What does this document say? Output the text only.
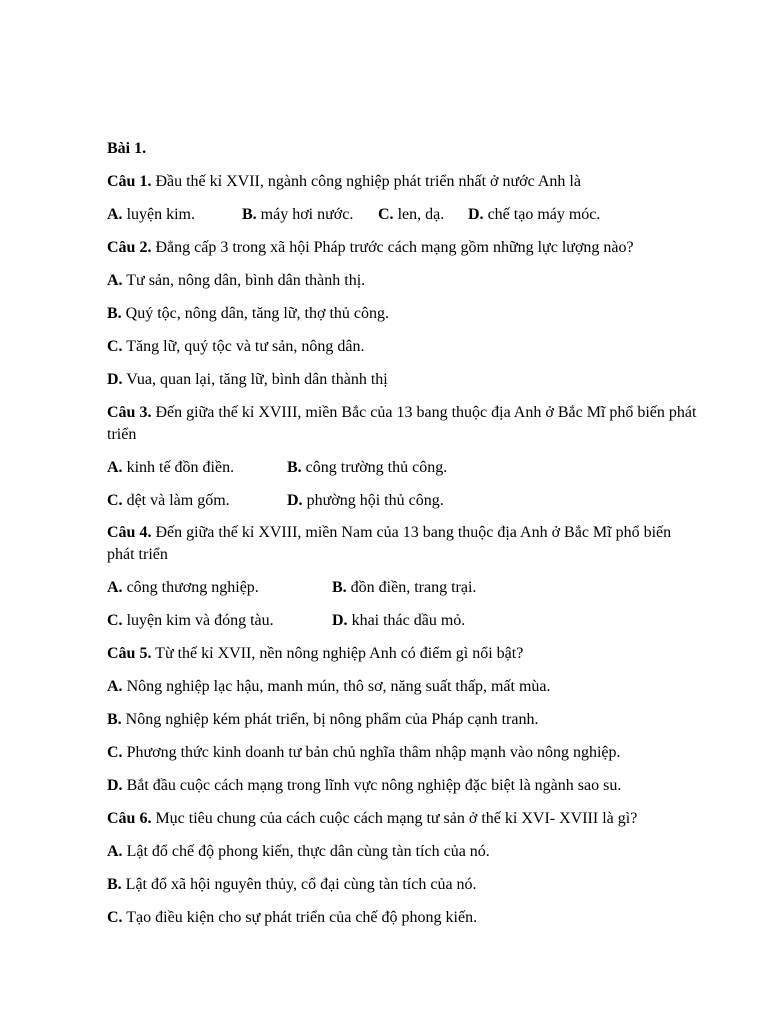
Bài 1.
Câu 1. Đầu thế kỉ XVII, ngành công nghiệp phát triển nhất ở nước Anh là
A. luyện kim.	B. máy hơi nước. C. len, dạ. D. chế tạo máy móc.
Câu 2. Đẳng cấp 3 trong xã hội Pháp trước cách mạng gồm những lực lượng nào?
A. Tư sản, nông dân, bình dân thành thị.
B. Quý tộc, nông dân, tăng lữ, thợ thủ công.
C. Tăng lữ, quý tộc và tư sản, nông dân.
D. Vua, quan lại, tăng lữ, bình dân thành thị
Câu 3. Đến giữa thế kỉ XVIII, miền Bắc của 13 bang thuộc địa Anh ở Bắc Mĩ phổ biến phát triển
A. kinh tế đồn điền.	B. công trường thủ công.
C. dệt và làm gốm.	D. phường hội thủ công.
Câu 4. Đến giữa thế kỉ XVIII, miền Nam của 13 bang thuộc địa Anh ở Bắc Mĩ phổ biến phát triển
A. công thương nghiệp.	B. đồn điền, trang trại.
C. luyện kim và đóng tàu.	D. khai thác dầu mỏ.
Câu 5. Từ thế kỉ XVII, nền nông nghiệp Anh có điểm gì nổi bật?
A. Nông nghiệp lạc hậu, manh mún, thô sơ, năng suất thấp, mất mùa.
B. Nông nghiệp kém phát triển, bị nông phẩm của Pháp cạnh tranh.
C. Phương thức kinh doanh tư bản chủ nghĩa thâm nhập mạnh vào nông nghiệp.
D. Bắt đầu cuộc cách mạng trong lĩnh vực nông nghiệp đặc biệt là ngành sao su.
Câu 6. Mục tiêu chung của cách cuộc cách mạng tư sản ở thế kỉ XVI- XVIII là gì?
A. Lật đổ chế độ phong kiến, thực dân cùng tàn tích của nó.
B. Lật đổ xã hội nguyên thủy, cổ đại cùng tàn tích của nó.
C. Tạo điều kiện cho sự phát triển của chế độ phong kiến.
